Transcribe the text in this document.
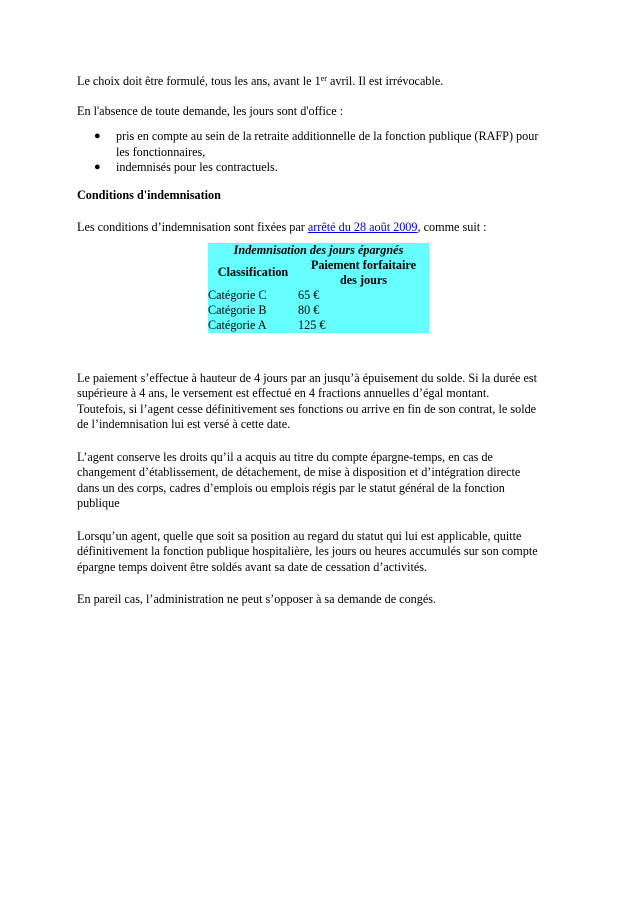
Le choix doit être formulé, tous les ans, avant le 1er avril. Il est irrévocable.

En l'absence de toute demande, les jours sont d'office :

● pris en compte au sein de la retraite additionnelle de la fonction publique (RAFP) pour
les fonctionnaires,
● indemnisés pour les contractuels.

Conditions d'indemnisation

Les conditions d’indemnisation sont fixées par arrêté du 28 août 2009, comme suit :

Indemnisation des jours épargnés	
Classification	Paiement forfaitaire
des jours
Catégorie C	65 €
Catégorie B	80 €
Catégorie A	125 €

Le paiement s’effectue à hauteur de 4 jours par an jusqu’à épuisement du solde. Si la durée est
supérieure à 4 ans, le versement est effectué en 4 fractions annuelles d’égal montant.
Toutefois, si l’agent cesse définitivement ses fonctions ou arrive en fin de son contrat, le solde
de l’indemnisation lui est versé à cette date.

L’agent conserve les droits qu’il a acquis au titre du compte épargne-temps, en cas de
changement d’établissement, de détachement, de mise à disposition et d’intégration directe
dans un des corps, cadres d’emplois ou emplois régis par le statut général de la fonction
publique

Lorsqu’un agent, quelle que soit sa position au regard du statut qui lui est applicable, quitte
définitivement la fonction publique hospitalière, les jours ou heures accumulés sur son compte
épargne temps doivent être soldés avant sa date de cessation d’activités.

En pareil cas, l’administration ne peut s’opposer à sa demande de congés.
